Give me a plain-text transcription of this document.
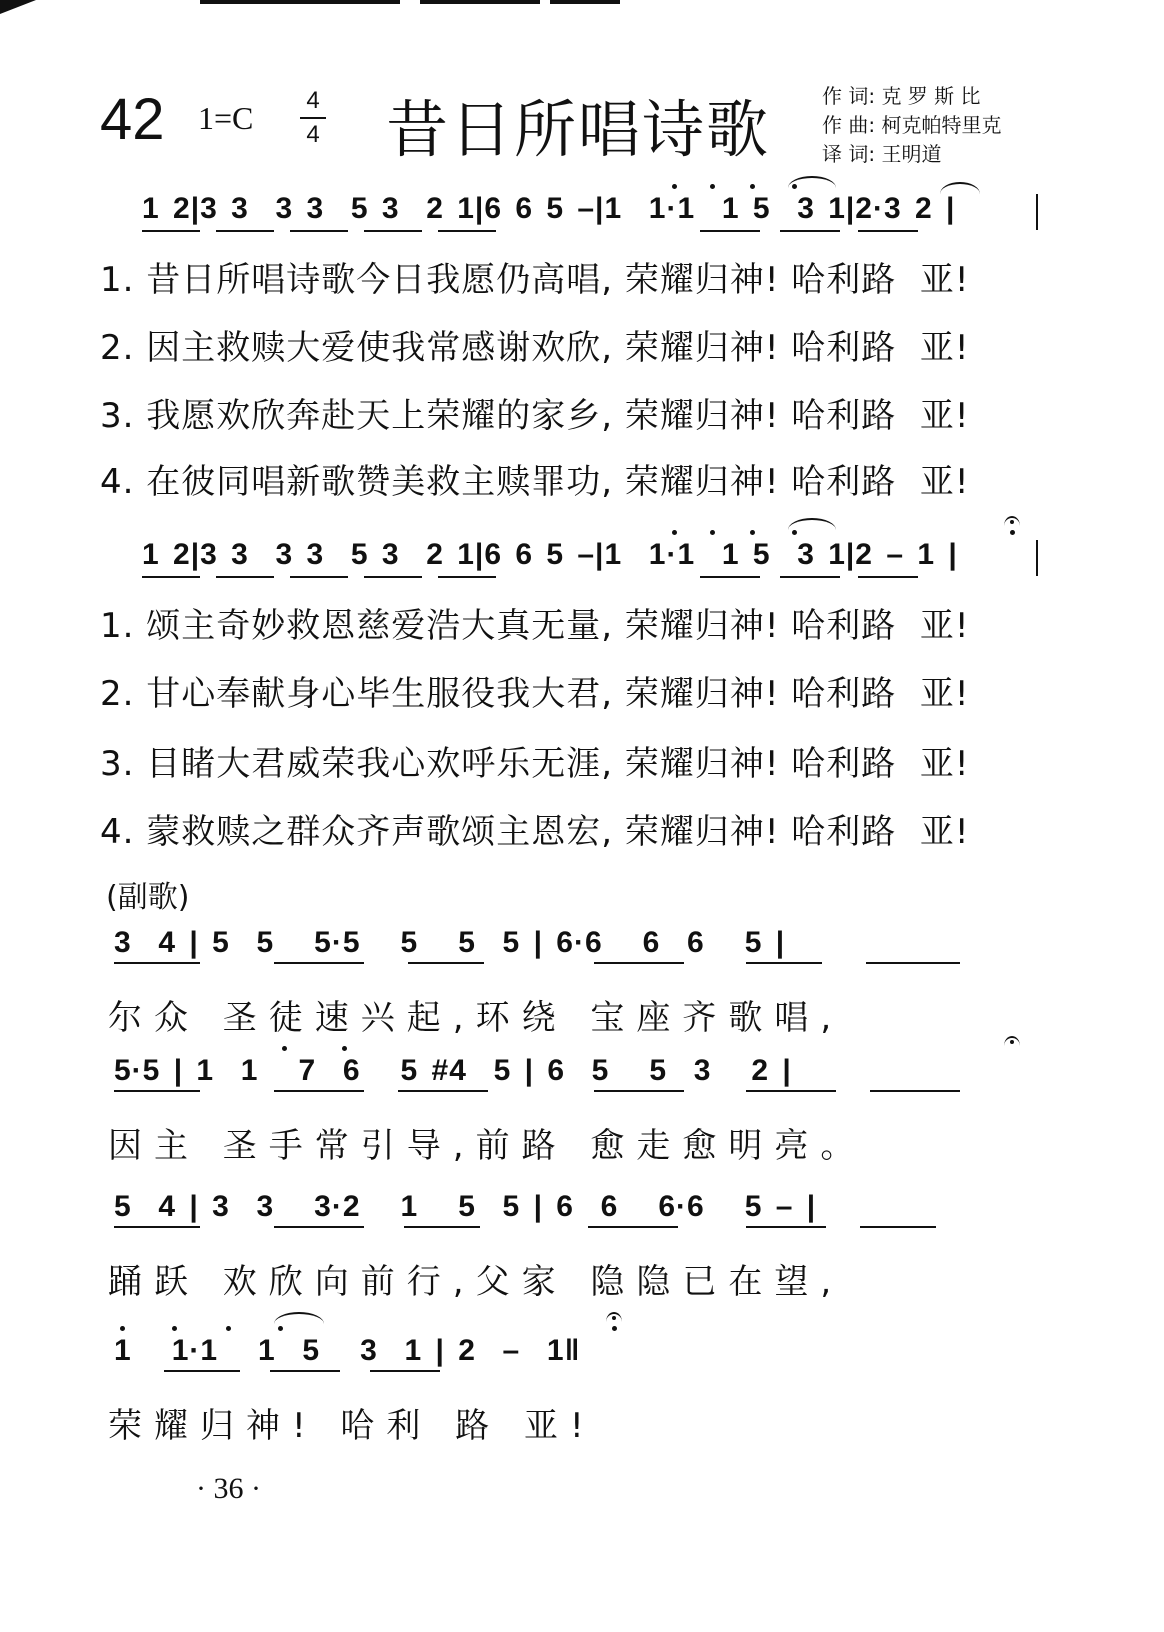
42 1=C	4
4 昔日所唱诗歌	作 词: 克 罗 斯 比
作 曲: 柯克帕特里克
译 词: 王明道
1 2|3 3  3 3  5 3  2 1|6 6 5 –|1  1·1  1 5  3 1|2·3 2 |
1. 昔日所唱诗歌今日我愿仍高唱, 荣耀归神! 哈利路  亚!
2. 因主救赎大爱使我常感谢欢欣, 荣耀归神! 哈利路  亚!
3. 我愿欢欣奔赴天上荣耀的家乡, 荣耀归神! 哈利路  亚!
4. 在彼同唱新歌赞美救主赎罪功, 荣耀归神! 哈利路  亚!
1 2|3 3  3 3  5 3  2 1|6 6 5 –|1  1·1  1 5  3 1|2 – 1 |
1. 颂主奇妙救恩慈爱浩大真无量, 荣耀归神! 哈利路  亚!
2. 甘心奉献身心毕生服役我大君, 荣耀归神! 哈利路  亚!
3. 目睹大君威荣我心欢呼乐无涯, 荣耀归神! 哈利路  亚!
4. 蒙救赎之群众齐声歌颂主恩宏, 荣耀归神! 哈利路  亚!
(副歌)
3  4 | 5  5   5·5   5   5  5 | 6·6   6  6   5 |
尔众 圣徒速兴起,环绕 宝座齐歌唱,
5·5 | 1  1   7  6   5 #4  5 | 6  5   5  3   2 |
因主 圣手常引导,前路 愈走愈明亮。
5  4 | 3  3   3·2   1   5  5 | 6  6   6·6   5 – |
踊跃 欢欣向前行,父家 隐隐已在望,
1   1·1   1  5   3  1 | 2  –  1‖
荣耀归神! 哈利 路 亚!
· 36 ·
